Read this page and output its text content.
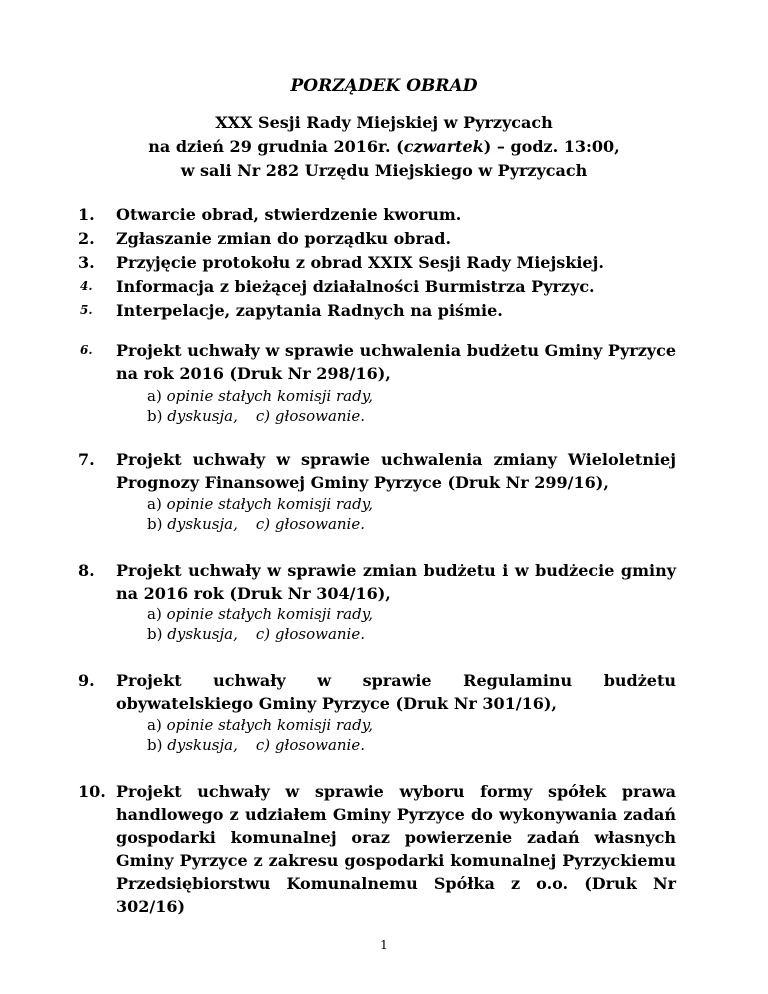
PORZĄDEK OBRAD
XXX Sesji Rady Miejskiej w Pyrzycach
na dzień 29 grudnia 2016r. (czwartek) – godz. 13:00,
w sali Nr 282 Urzędu Miejskiego w Pyrzycach
1. Otwarcie obrad, stwierdzenie kworum.
2. Zgłaszanie zmian do porządku obrad.
3. Przyjęcie protokołu z obrad XXIX Sesji Rady Miejskiej.
4. Informacja z bieżącej działalności Burmistrza Pyrzyc.
5. Interpelacje, zapytania Radnych na piśmie.
6. Projekt uchwały w sprawie uchwalenia budżetu Gminy Pyrzyce na rok 2016 (Druk Nr 298/16),
a) opinie stałych komisji rady,
b) dyskusja, c) głosowanie.
7. Projekt uchwały w sprawie uchwalenia zmiany Wieloletniej Prognozy Finansowej Gminy Pyrzyce (Druk Nr 299/16),
a) opinie stałych komisji rady,
b) dyskusja, c) głosowanie.
8. Projekt uchwały w sprawie zmian budżetu i w budżecie gminy na 2016 rok (Druk Nr 304/16),
a) opinie stałych komisji rady,
b) dyskusja, c) głosowanie.
9. Projekt uchwały w sprawie Regulaminu budżetu obywatelskiego Gminy Pyrzyce (Druk Nr 301/16),
a) opinie stałych komisji rady,
b) dyskusja, c) głosowanie.
10. Projekt uchwały w sprawie wyboru formy spółek prawa handlowego z udziałem Gminy Pyrzyce do wykonywania zadań gospodarki komunalnej oraz powierzenie zadań własnych Gminy Pyrzyce z zakresu gospodarki komunalnej Pyrzyckiemu Przedsiębiorstwu Komunalnemu Spółka z o.o. (Druk Nr 302/16)
1
